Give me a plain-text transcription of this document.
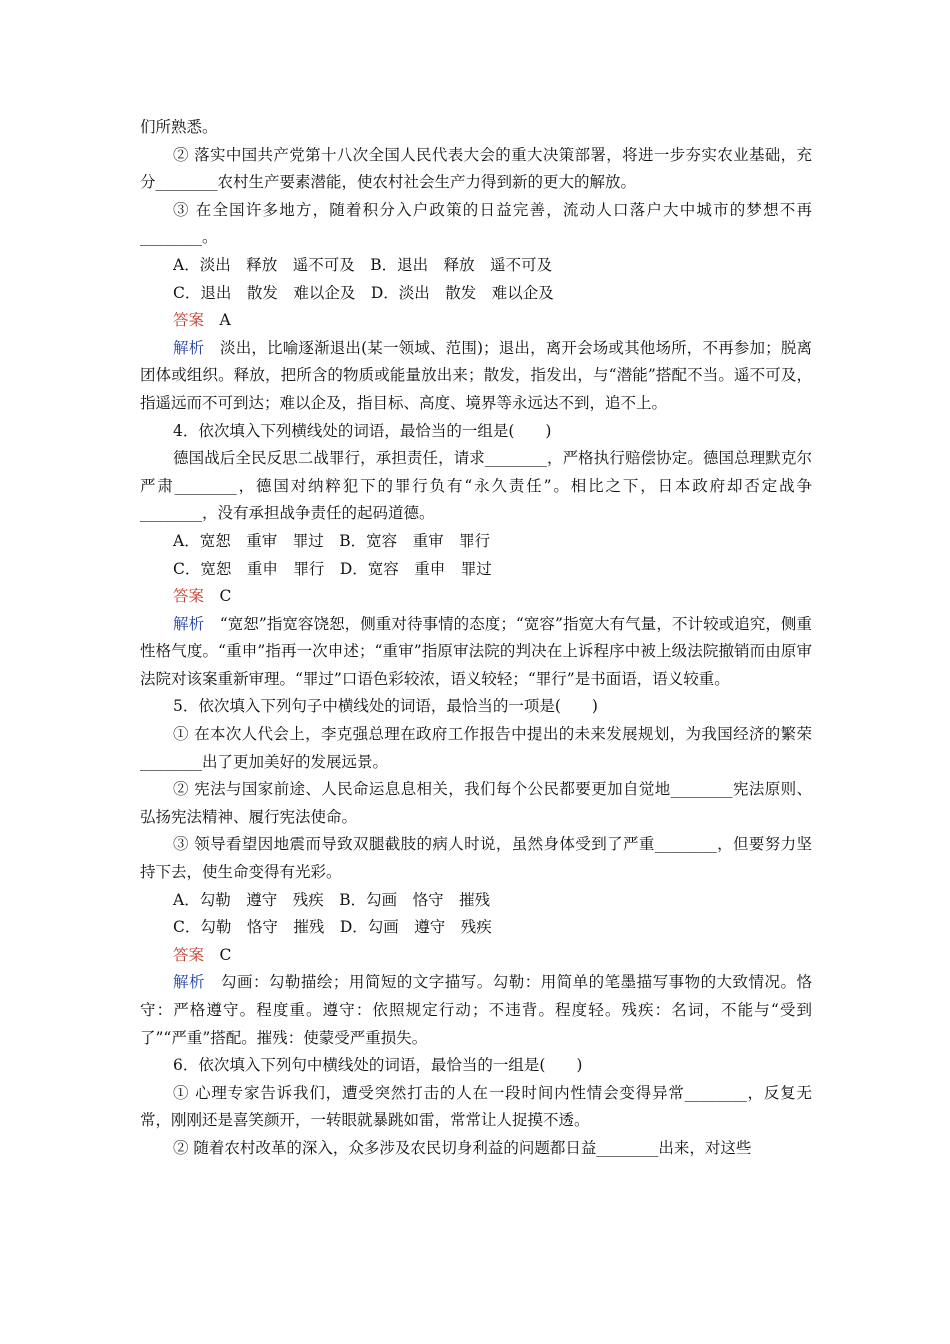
们所熟悉。

② 落实中国共产党第十八次全国人民代表大会的重大决策部署，将进一步夯实农业基础，充分________农村生产要素潜能，使农村社会生产力得到新的更大的解放。

③ 在全国许多地方，随着积分入户政策的日益完善，流动人口落户大中城市的梦想不再________。

A．淡出　释放　遥不可及　B．退出　释放　遥不可及

C．退出　散发　难以企及　D．淡出　散发　难以企及

答案　A

解析　淡出，比喻逐渐退出(某一领域、范围)；退出，离开会场或其他场所，不再参加；脱离团体或组织。释放，把所含的物质或能量放出来；散发，指发出，与“潜能”搭配不当。遥不可及，指遥远而不可到达；难以企及，指目标、高度、境界等永远达不到，追不上。

4．依次填入下列横线处的词语，最恰当的一组是(　　)

德国战后全民反思二战罪行，承担责任，请求________，严格执行赔偿协定。德国总理默克尔严肃________，德国对纳粹犯下的罪行负有“永久责任”。相比之下，日本政府却否定战争________，没有承担战争责任的起码道德。

A．宽恕　重审　罪过　B．宽容　重审　罪行

C．宽恕　重申　罪行　D．宽容　重申　罪过

答案　C

解析　“宽恕”指宽容饶恕，侧重对待事情的态度；“宽容”指宽大有气量，不计较或追究，侧重性格气度。“重申”指再一次申述；“重审”指原审法院的判决在上诉程序中被上级法院撤销而由原审法院对该案重新审理。“罪过”口语色彩较浓，语义较轻；“罪行”是书面语，语义较重。

5．依次填入下列句子中横线处的词语，最恰当的一项是(　　)

① 在本次人代会上，李克强总理在政府工作报告中提出的未来发展规划，为我国经济的繁荣________出了更加美好的发展远景。

② 宪法与国家前途、人民命运息息相关，我们每个公民都要更加自觉地________宪法原则、弘扬宪法精神、履行宪法使命。

③ 领导看望因地震而导致双腿截肢的病人时说，虽然身体受到了严重________，但要努力坚持下去，使生命变得有光彩。

A．勾勒　遵守　残疾　B．勾画　恪守　摧残

C．勾勒　恪守　摧残　D．勾画　遵守　残疾

答案　C

解析　勾画：勾勒描绘；用简短的文字描写。勾勒：用简单的笔墨描写事物的大致情况。恪守：严格遵守。程度重。遵守：依照规定行动；不违背。程度轻。残疾：名词，不能与“受到了”“严重”搭配。摧残：使蒙受严重损失。

6．依次填入下列句中横线处的词语，最恰当的一组是(　　)

① 心理专家告诉我们，遭受突然打击的人在一段时间内性情会变得异常________，反复无常，刚刚还是喜笑颜开，一转眼就暴跳如雷，常常让人捉摸不透。

② 随着农村改革的深入，众多涉及农民切身利益的问题都日益________出来，对这些
